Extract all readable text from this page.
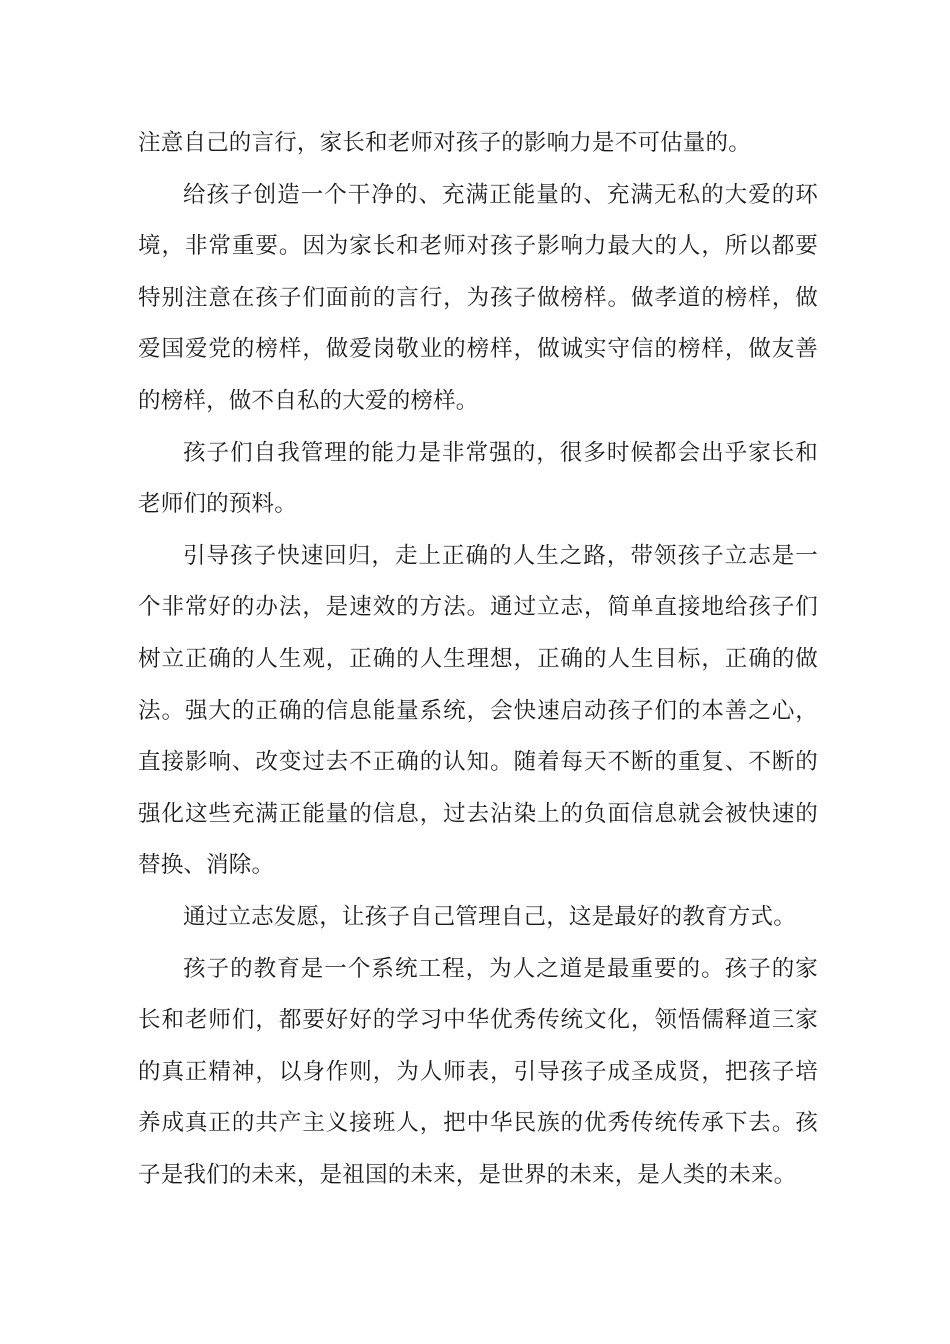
注意自己的言行，家长和老师对孩子的影响力是不可估量的。

给孩子创造一个干净的、充满正能量的、充满无私的大爱的环境，非常重要。因为家长和老师对孩子影响力最大的人，所以都要特别注意在孩子们面前的言行，为孩子做榜样。做孝道的榜样，做爱国爱党的榜样，做爱岗敬业的榜样，做诚实守信的榜样，做友善的榜样，做不自私的大爱的榜样。

孩子们自我管理的能力是非常强的，很多时候都会出乎家长和老师们的预料。

引导孩子快速回归，走上正确的人生之路，带领孩子立志是一个非常好的办法，是速效的方法。通过立志，简单直接地给孩子们树立正确的人生观，正确的人生理想，正确的人生目标，正确的做法。强大的正确的信息能量系统，会快速启动孩子们的本善之心，直接影响、改变过去不正确的认知。随着每天不断的重复、不断的强化这些充满正能量的信息，过去沾染上的负面信息就会被快速的替换、消除。

通过立志发愿，让孩子自己管理自己，这是最好的教育方式。

孩子的教育是一个系统工程，为人之道是最重要的。孩子的家长和老师们，都要好好的学习中华优秀传统文化，领悟儒释道三家的真正精神，以身作则，为人师表，引导孩子成圣成贤，把孩子培养成真正的共产主义接班人，把中华民族的优秀传统传承下去。孩子是我们的未来，是祖国的未来，是世界的未来，是人类的未来。
